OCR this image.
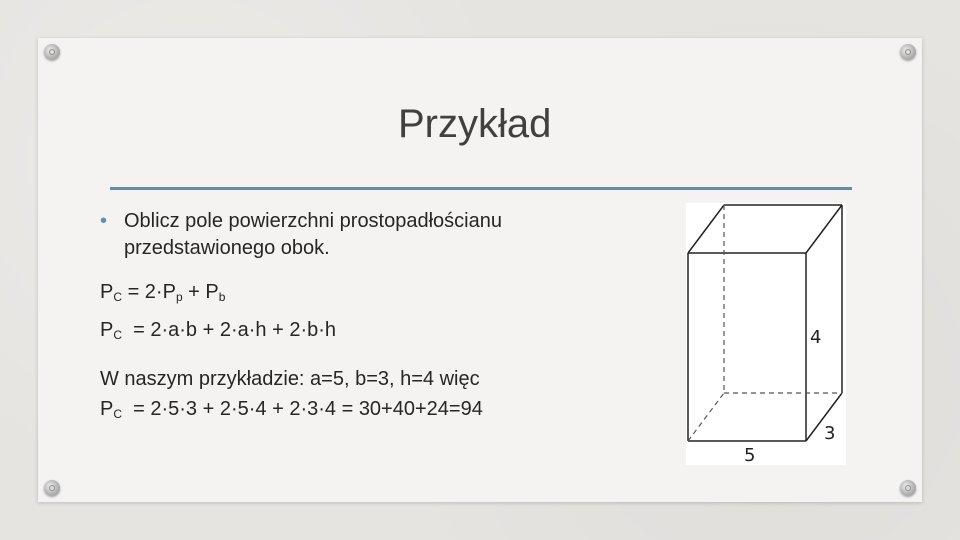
Przykład
• Oblicz pole powierzchni prostopadłościanu
przedstawionego obok.
$P_C = 2\cdot P_p + P_b$
$P_C = 2\cdot a\cdot b + 2\cdot a\cdot h + 2\cdot b\cdot h$
W naszym przykładzie: a=5, b=3, h=4 więc
$P_C = 2\cdot 5\cdot 3 + 2\cdot 5\cdot 4 + 2\cdot 3\cdot 4 = 30+40+24=94$
4
3
5
